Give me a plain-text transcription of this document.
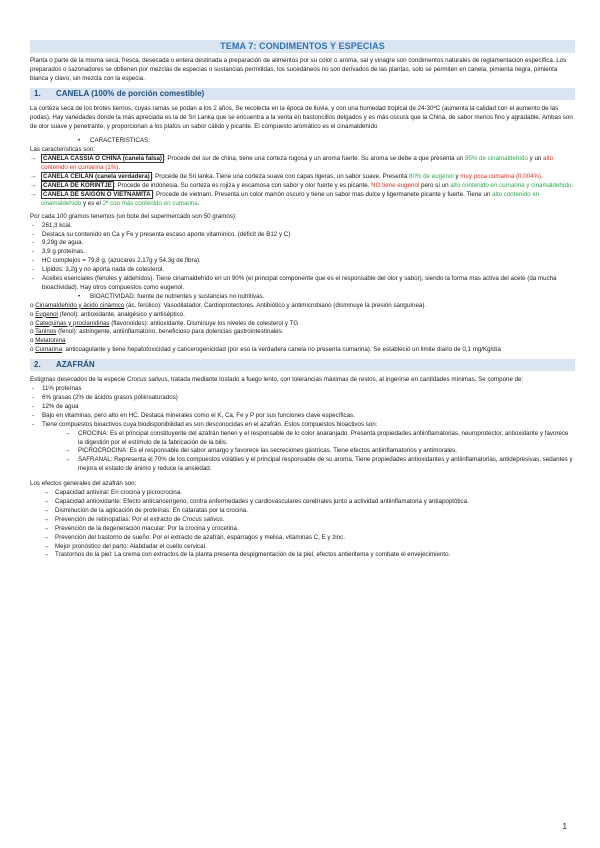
TEMA 7: CONDIMENTOS Y ESPECIAS
Planta o parte de la misma seca, fresca, desecada o entera destinada a preparación de alimentos por su color o aroma, sal y vinagre son condimentos naturales de reglamentación específica. Los preparados o sazonadores se obtienen por mezclas de especias o sustancias permitidas, los sucedáneos no son derivados de las plantas, solo se permiten en canela, pimienta negra, pimienta blanca y clavo, sin mezcla con la especia.
1. CANELA (100% de porción comestible)
La corteza seca de los brotes tiernos, cuyas ramas se podan a los 2 años, Se recolecta en la época de lluvia, y con una humedad tropical de 24-30ºC (aumenta la calidad con el aumento de las podas). Hay variedades donde la más apreciada es la de Sri Lanka que se encuentra a la venta en bastoncillos delgados y es más oscura que la China, de sabor menos fino y agradable. Ambas son de olor suave y penetrante, y proporcionan a los platos un sabor cálido y picante. El compuesto aromático es el cinamaldehído
•	CARACTERISTICAS:
Las características son:
→	CANELA CASSIA O CHINA (canela falsa) : Procede del sur de china, tiene una corteza rugosa y un aroma fuerte. Su aroma se debe a que presenta un 95% de cinamaldehído y un alto contenido en cumarina (1%).
→	CANELA CEILÁN (canela verdadera) : Procede de Sri lanka. Tiene una corteza suave con capas ligeras, un sabor suave. Presenta 80% de eugenol y muy poca cumarina (0,004%).
→	CANELA DE KORINTJE : Procede de indonesia. Su corteza es rojiza y escamosa con sabor y olor fuerte y es picante. NO tiene eugenol pero sí un alto contenido en cumarina y cinamaldehído.
→	CANELA DE SAIGÓN O VIETNAMITA : Procede de vietnam. Presenta un color marrón oscuro y tiene un sabor mas dulce y ligermanete picante y fuerte. Tiene un alto contenido en cinamaldehído y es el 2º con más contenido en cumarina.
Por cada 100 gramos tenemos (un bote del supermercado son 50 gramos):
-	261,3 kcal.
-	Destaca su contenido en Ca y Fe y presenta escaso aporte vitamínico. (déficit de B12 y C)
-	9,29g de agua.
-	3,9 g proteínas.
-	HC complejos = 79,8 g. (azúcares 2,17g y 54,3g de fibra).
-	Lípidos: 3,2g y no aporta nada de colesterol.
-	Aceites esenciales (fenoles y aldehídos). Tiene cinamaldehído en un 90% (el principal componente que es el responsable del olor y sabor), siendo la forma mas activa del acete (da mucha bioactividad). Hay otros compuestos como eugenol.
•	BIOACTIVIDAD: fuente de nutrientes y sustancias no nutritivas.
o Cinamaldehído y ácido cinámico (ác. ferúlico): Vasodilatador. Cardioprotectores. Antibiótico y antimicrobiano (disminuye la presión sanguínea).
o Eugenol (fenol): antioxidante, analgésico y antiséptico.
o Catequinas y procianidinas (flavonoides): antioxidante. Disminuye los niveles de colesterol y TG
o Taninos (fenol): astringente, antiinflamatorio, beneficioso para dolencias gastrointestinales.
o Melatonina
o Cumarina: anticoagulante y tiene hepatotoxicidad y cancerogenicidad (por eso la verdadera canela no presenta cumarina). Se estableció un limite diario de 0,1 mg/Kg/día
2. AZAFRÁN
Estigmas desecados de la especie Crocus sativus, tratada mediante tostado a fuego lento, con tolerancias máximas de restos, al ingerirse en cantidades mínimas. Se compone de:
-	11% proteínas
-	6% grasas (2% de ácidos grasos poliinsaturados)
-	12% de agua
-	Bajo en vitaminas, pero alto en HC. Destaca minerales como el K, Ca, Fe y P por sus funciones clave específicas.
-	Tiene compuestos bioactivos cuya biodisponibilidad es son desconocidas en el azafrán. Estos compuestos bioactivos son:
→	CROCINA: Es el principal constituyente del azafrán tienen y el responsable de lo color anaranjado. Presenta propiedades antiinflamatorias, neuroprotector, antioxidante y favorece la digestión por el estímulo de la fabricación de la bilis.
→	PICROCROCINA: Es el responsable del sabor amargo y favorece las secreciones gástricas. Tiene efectos antiinflamatorios y antimorales.
→	SAFRANAL: Representa el 70% de los compuestos volátiles y el principal responsable de su aroma. Tiene propiedades antioxidantes y antiinflamatorias, antidepresivas, sedantes y mejora el estado de ánimo y reduce la ansiedad.
Los efectos generales del azafrán son:
→ Capacidad antiviral: En crocina y picrocrocina.
→ Capacidad antioxidante: Efecto anticancerígeno, contra enfermedades y cardiovasculares cerebrales junto a actividad antiinflamatoria y antiapoptótica.
→ Disminución de la aglicación de proteínas: En cataratas por la crocina.
→ Prevención de retinopatías: Por el extracto de Crocus sativus.
→ Prevención de la degeneración macular: Por la crocina y crocetina.
→ Prevención del trastorno de sueño: Por el extracto de azafrán, espárragos y melisa, vitaminas C, E y zinc.
→ Mejor pronóstico del parto: Alabdadar el cuello cervical.
→ Trastornos de la piel: La crema con extractos de la planta presenta despigmentación de la piel, efectos antieritema y combate el envejecimiento.
1
